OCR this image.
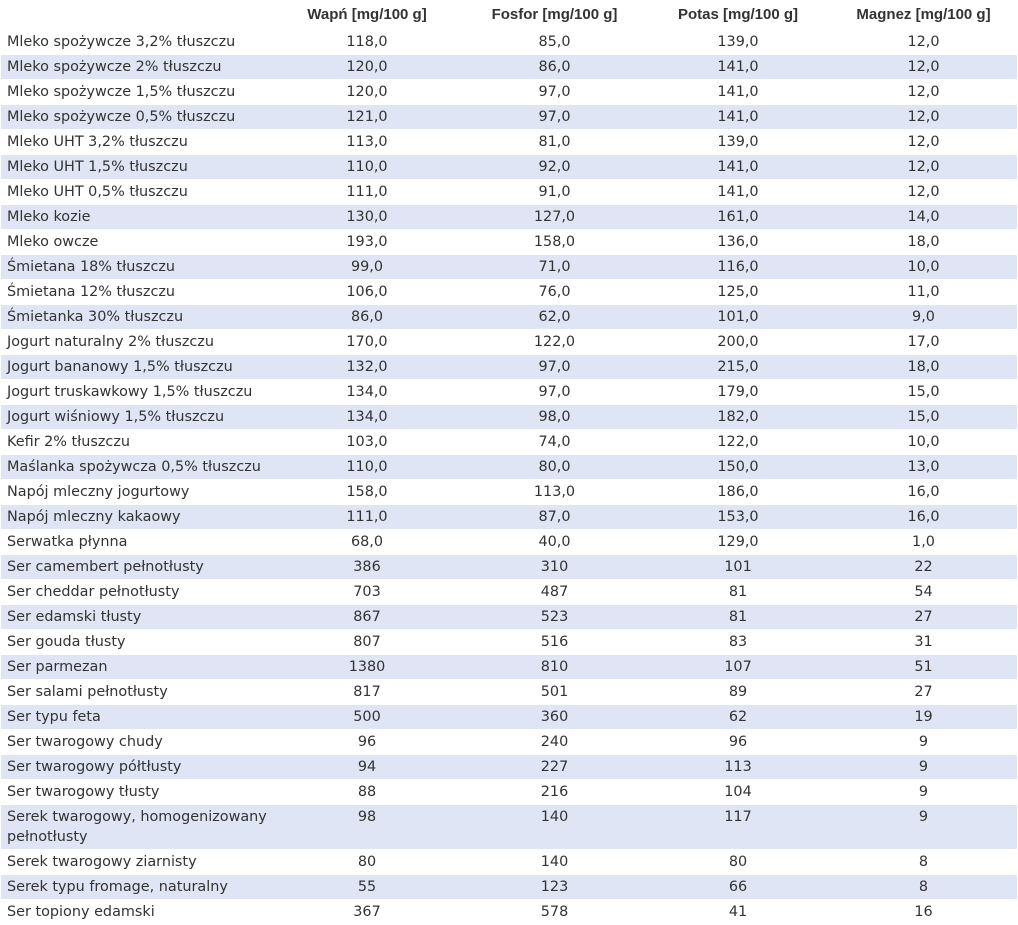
	Wapń [mg/100 g]	Fosfor [mg/100 g]	Potas [mg/100 g]	Magnez [mg/100 g]
Mleko spożywcze 3,2% tłuszczu	118,0	85,0	139,0	12,0
Mleko spożywcze 2% tłuszczu	120,0	86,0	141,0	12,0
Mleko spożywcze 1,5% tłuszczu	120,0	97,0	141,0	12,0
Mleko spożywcze 0,5% tłuszczu	121,0	97,0	141,0	12,0
Mleko UHT 3,2% tłuszczu	113,0	81,0	139,0	12,0
Mleko UHT 1,5% tłuszczu	110,0	92,0	141,0	12,0
Mleko UHT 0,5% tłuszczu	111,0	91,0	141,0	12,0
Mleko kozie	130,0	127,0	161,0	14,0
Mleko owcze	193,0	158,0	136,0	18,0
Śmietana 18% tłuszczu	99,0	71,0	116,0	10,0
Śmietana 12% tłuszczu	106,0	76,0	125,0	11,0
Śmietanka 30% tłuszczu	86,0	62,0	101,0	9,0
Jogurt naturalny 2% tłuszczu	170,0	122,0	200,0	17,0
Jogurt bananowy 1,5% tłuszczu	132,0	97,0	215,0	18,0
Jogurt truskawkowy 1,5% tłuszczu	134,0	97,0	179,0	15,0
Jogurt wiśniowy 1,5% tłuszczu	134,0	98,0	182,0	15,0
Kefir 2% tłuszczu	103,0	74,0	122,0	10,0
Maślanka spożywcza 0,5% tłuszczu	110,0	80,0	150,0	13,0
Napój mleczny jogurtowy	158,0	113,0	186,0	16,0
Napój mleczny kakaowy	111,0	87,0	153,0	16,0
Serwatka płynna	68,0	40,0	129,0	1,0
Ser camembert pełnotłusty	386	310	101	22
Ser cheddar pełnotłusty	703	487	81	54
Ser edamski tłusty	867	523	81	27
Ser gouda tłusty	807	516	83	31
Ser parmezan	1380	810	107	51
Ser salami pełnotłusty	817	501	89	27
Ser typu feta	500	360	62	19
Ser twarogowy chudy	96	240	96	9
Ser twarogowy półtłusty	94	227	113	9
Ser twarogowy tłusty	88	216	104	9
Serek twarogowy, homogenizowany pełnotłusty	98	140	117	9
Serek twarogowy ziarnisty	80	140	80	8
Serek typu fromage, naturalny	55	123	66	8
Ser topiony edamski	367	578	41	16
